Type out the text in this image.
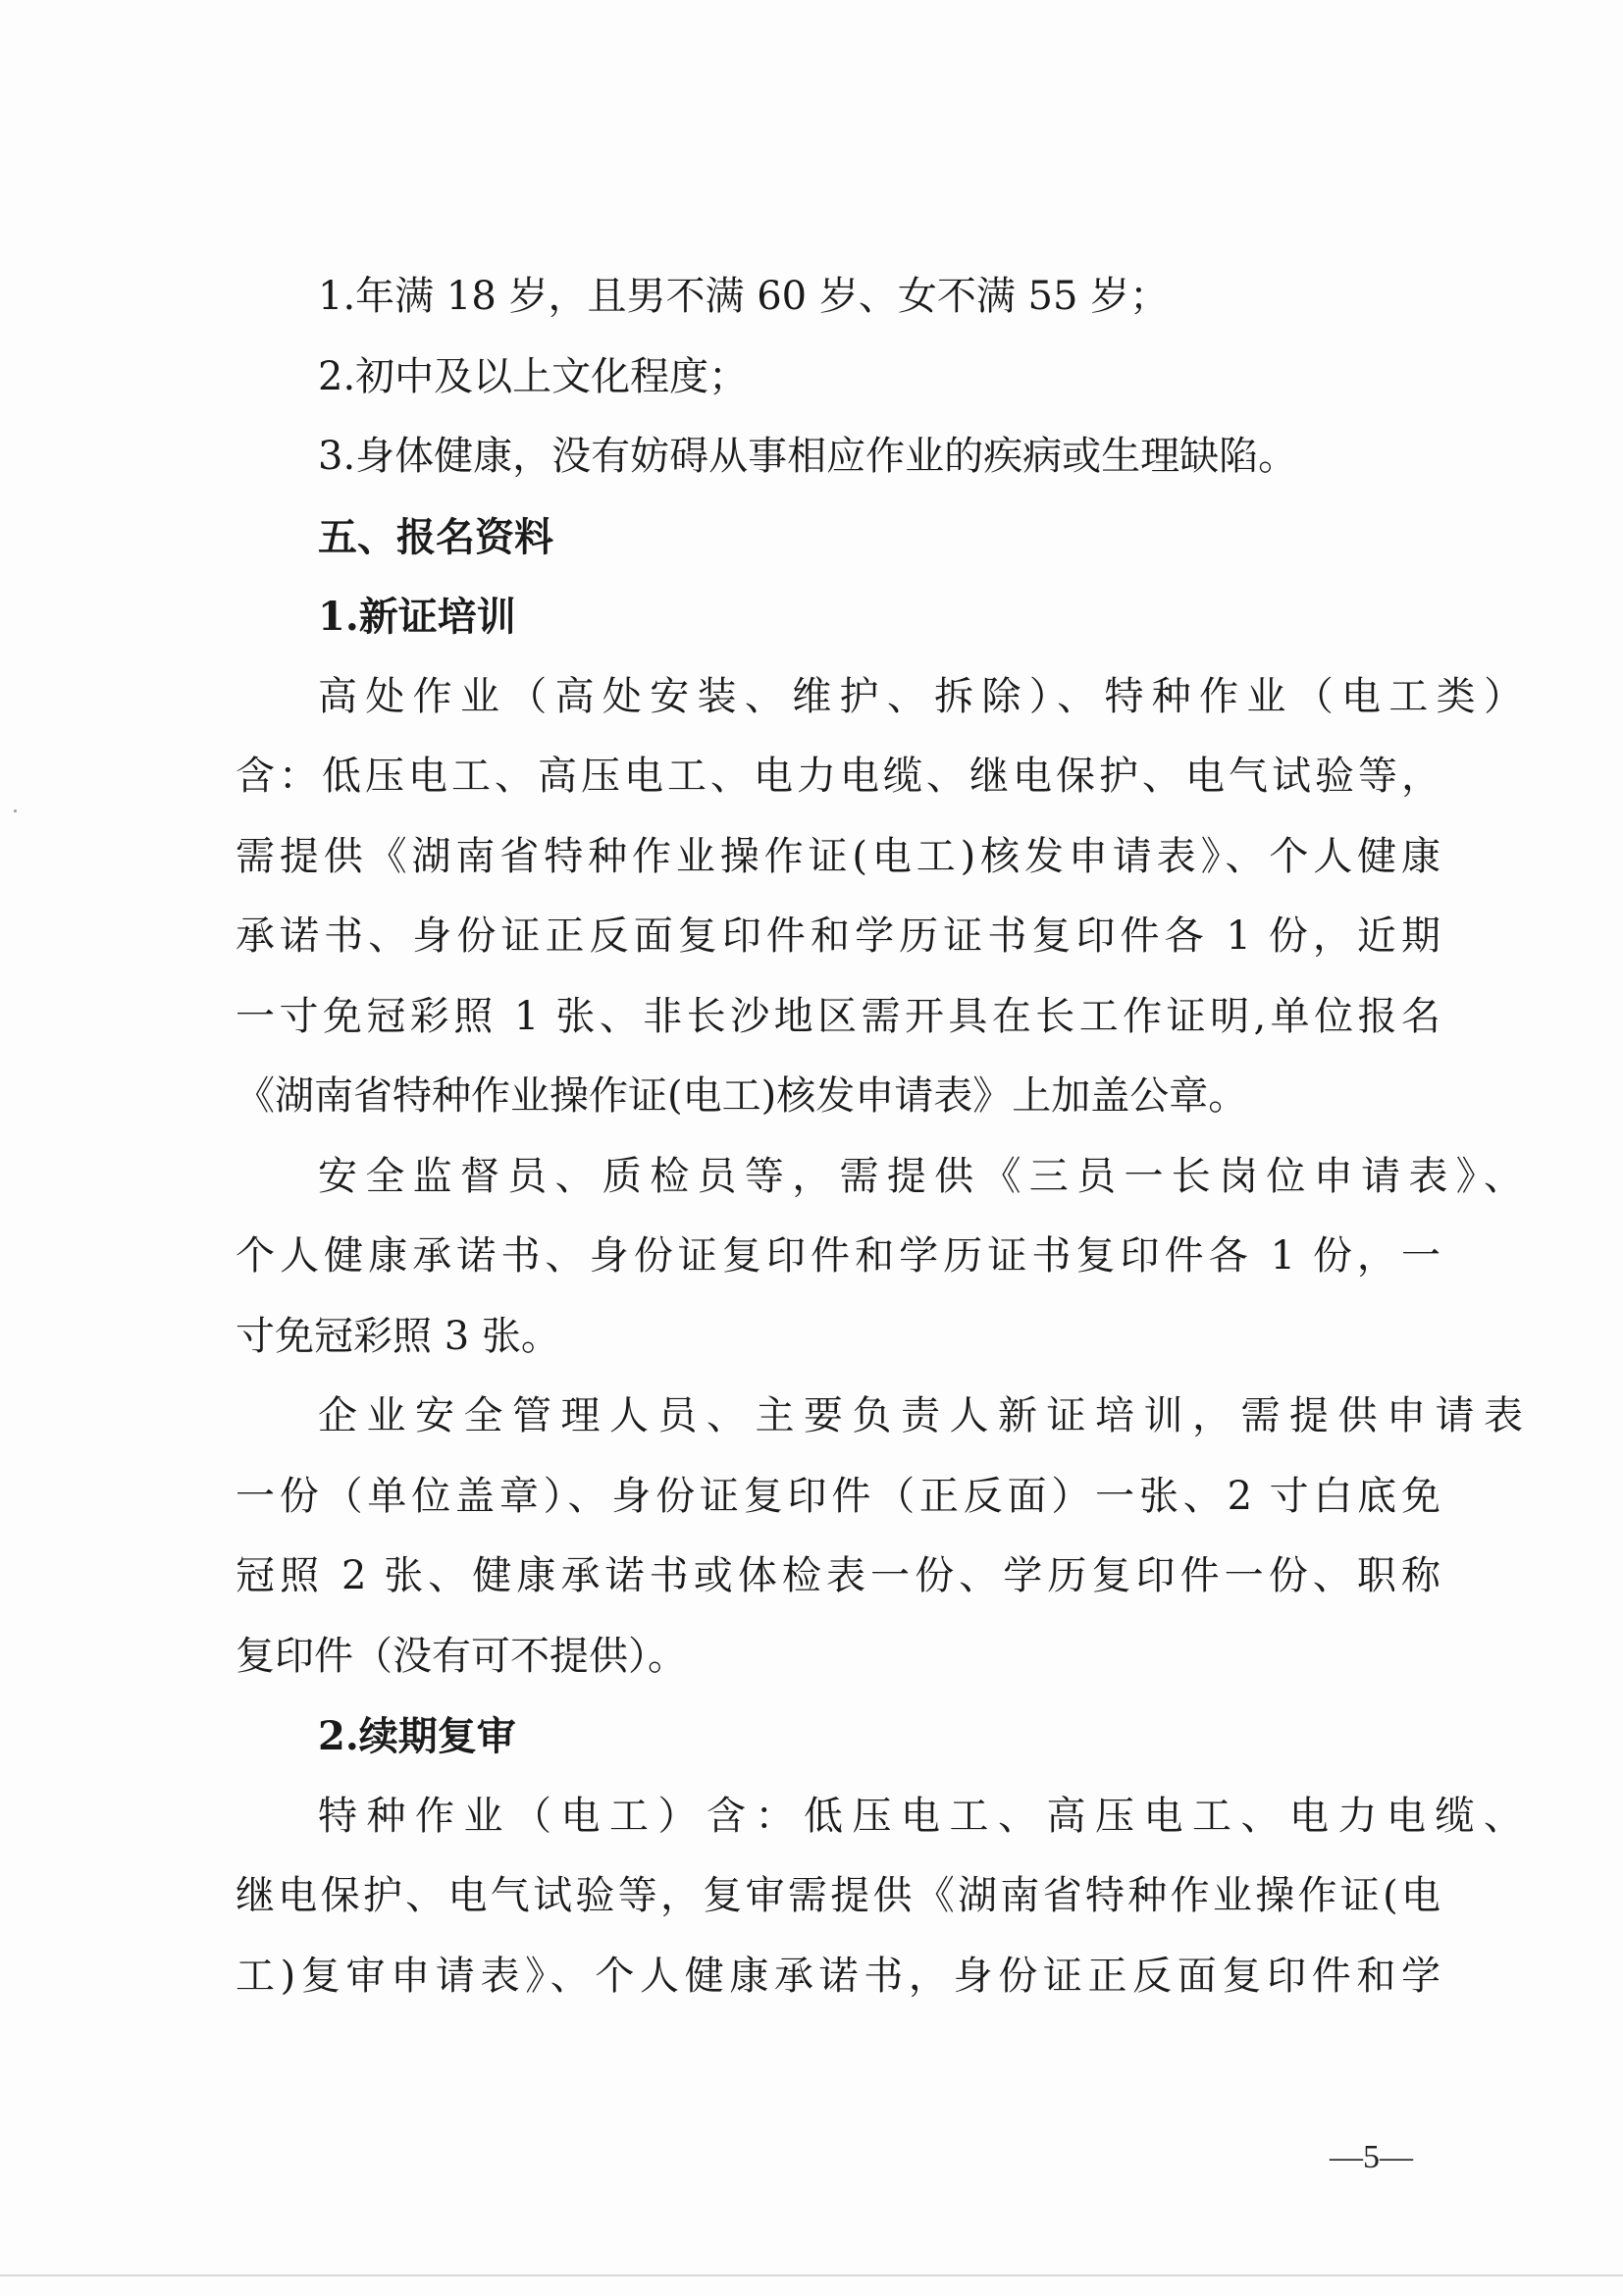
1.年满 18 岁，且男不满 60 岁、女不满 55 岁；
2.初中及以上文化程度；
3.身体健康，没有妨碍从事相应作业的疾病或生理缺陷。
五、报名资料
1.新证培训
高处作业（高处安装、维护、拆除）、特种作业（电工类）
含：低压电工、高压电工、电力电缆、继电保护、电气试验等，
需提供《湖南省特种作业操作证(电工)核发申请表》、个人健康
承诺书、身份证正反面复印件和学历证书复印件各 1 份，近期
一寸免冠彩照 1 张、非长沙地区需开具在长工作证明,单位报名
《湖南省特种作业操作证(电工)核发申请表》上加盖公章。
安全监督员、质检员等，需提供《三员一长岗位申请表》、
个人健康承诺书、身份证复印件和学历证书复印件各 1 份，一
寸免冠彩照 3 张。
企业安全管理人员、主要负责人新证培训，需提供申请表
一份（单位盖章）、身份证复印件（正反面）一张、2 寸白底免
冠照 2 张、健康承诺书或体检表一份、学历复印件一份、职称
复印件（没有可不提供）。
2.续期复审
特种作业（电工）含：低压电工、高压电工、电力电缆、
继电保护、电气试验等，复审需提供《湖南省特种作业操作证(电
工)复审申请表》、个人健康承诺书，身份证正反面复印件和学
—5—
